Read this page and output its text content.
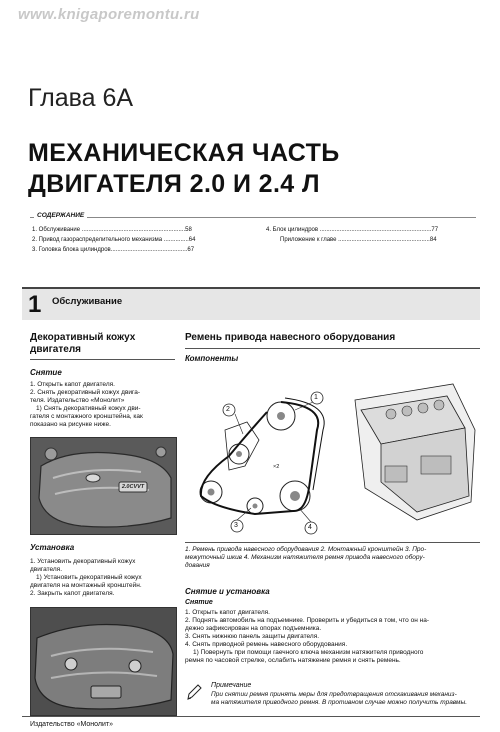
www.knigaporemontu.ru
Глава 6А
МЕХАНИЧЕСКАЯ ЧАСТЬ
ДВИГАТЕЛЯ 2.0 И 2.4 Л
СОДЕРЖАНИЕ
1. Обслуживание ..............................................................58
2. Привод газораспределительного механизма ...............64
3. Головка блока цилиндров..............................................67
4. Блок цилиндров ...................................................................77
Приложение к главе .......................................................84
1 Обслуживание
Декоративный кожух двигателя
Снятие
1. Открыть капот двигателя.
2. Снять декоративный кожух двига-
теля. Издательство «Монолит»
1) Снять декоративный кожух дви-
гателя с монтажного кронштейна, как
показано на рисунке ниже.
2.0CVVT
Установка
1. Установить декоративный кожух
двигателя.
1) Установить декоративный кожух
двигателя на монтажный кронштейн.
2. Закрыть капот двигателя.
Ремень привода навесного оборудования
Компоненты
1
2
3	4
×2
1. Ремень привода навесного оборудования 2. Монтажный кронштейн 3. Про-
межуточный шкив 4. Механизм натяжителя ремня привода навесного обору-
дования
Снятие и установка
Снятие
1. Открыть капот двигателя.
2. Поднять автомобиль на подъемнике. Проверить и убедиться в том, что он на-
дежно зафиксирован на опорах подъемника.
3. Снять нижнюю панель защиты двигателя.
4. Снять приводной ремень навесного оборудования.
1) Повернуть при помощи гаечного ключа механизм натяжителя приводного
ремня по часовой стрелке, ослабить натяжение ремня и снять ремень.
Примечание
При снятии ремня принять меры для предотвращения отскакивания механиз-
ма натяжителя приводного ремня. В противном случае можно получить травмы.
Издательство «Монолит»
